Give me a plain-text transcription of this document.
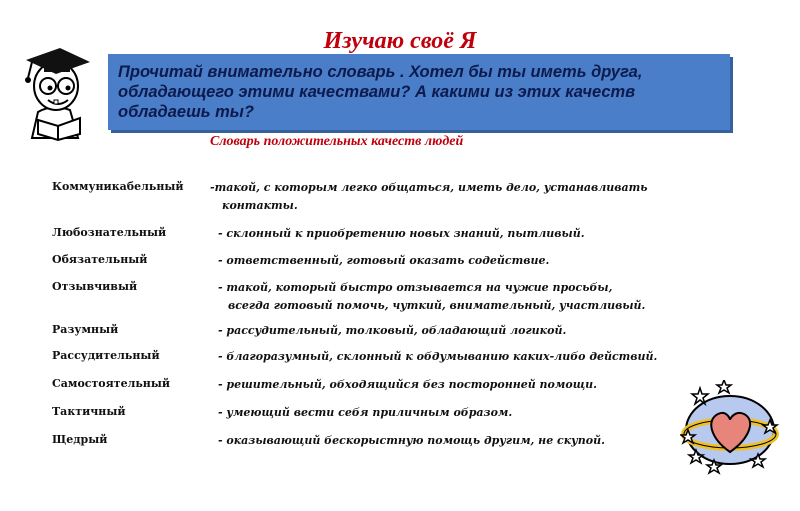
Изучаю своё Я
Прочитай внимательно словарь . Хотел бы ты иметь друга, обладающего этими качествами? А какими из этих качеств обладаешь ты?
Словарь положительных качеств людей
Коммуникабельный -такой, с которым легко общаться, иметь дело, устанавливать
контакты.
Любознательный	- склонный к приобретению новых знаний, пытливый.
Обязательный	- ответственный, готовый оказать содействие.
Отзывчивый	- такой, который быстро отзывается на чужие просьбы,
всегда готовый помочь, чуткий, внимательный, участливый.
Разумный	- рассудительный, толковый, обладающий логикой.
Рассудительный	- благоразумный, склонный к обдумыванию каких-либо действий.
Самостоятельный	- решительный, обходящийся без посторонней помощи.
Тактичный	- умеющий вести себя приличным образом.
Щедрый	- оказывающий бескорыстную помощь другим, не скупой.
